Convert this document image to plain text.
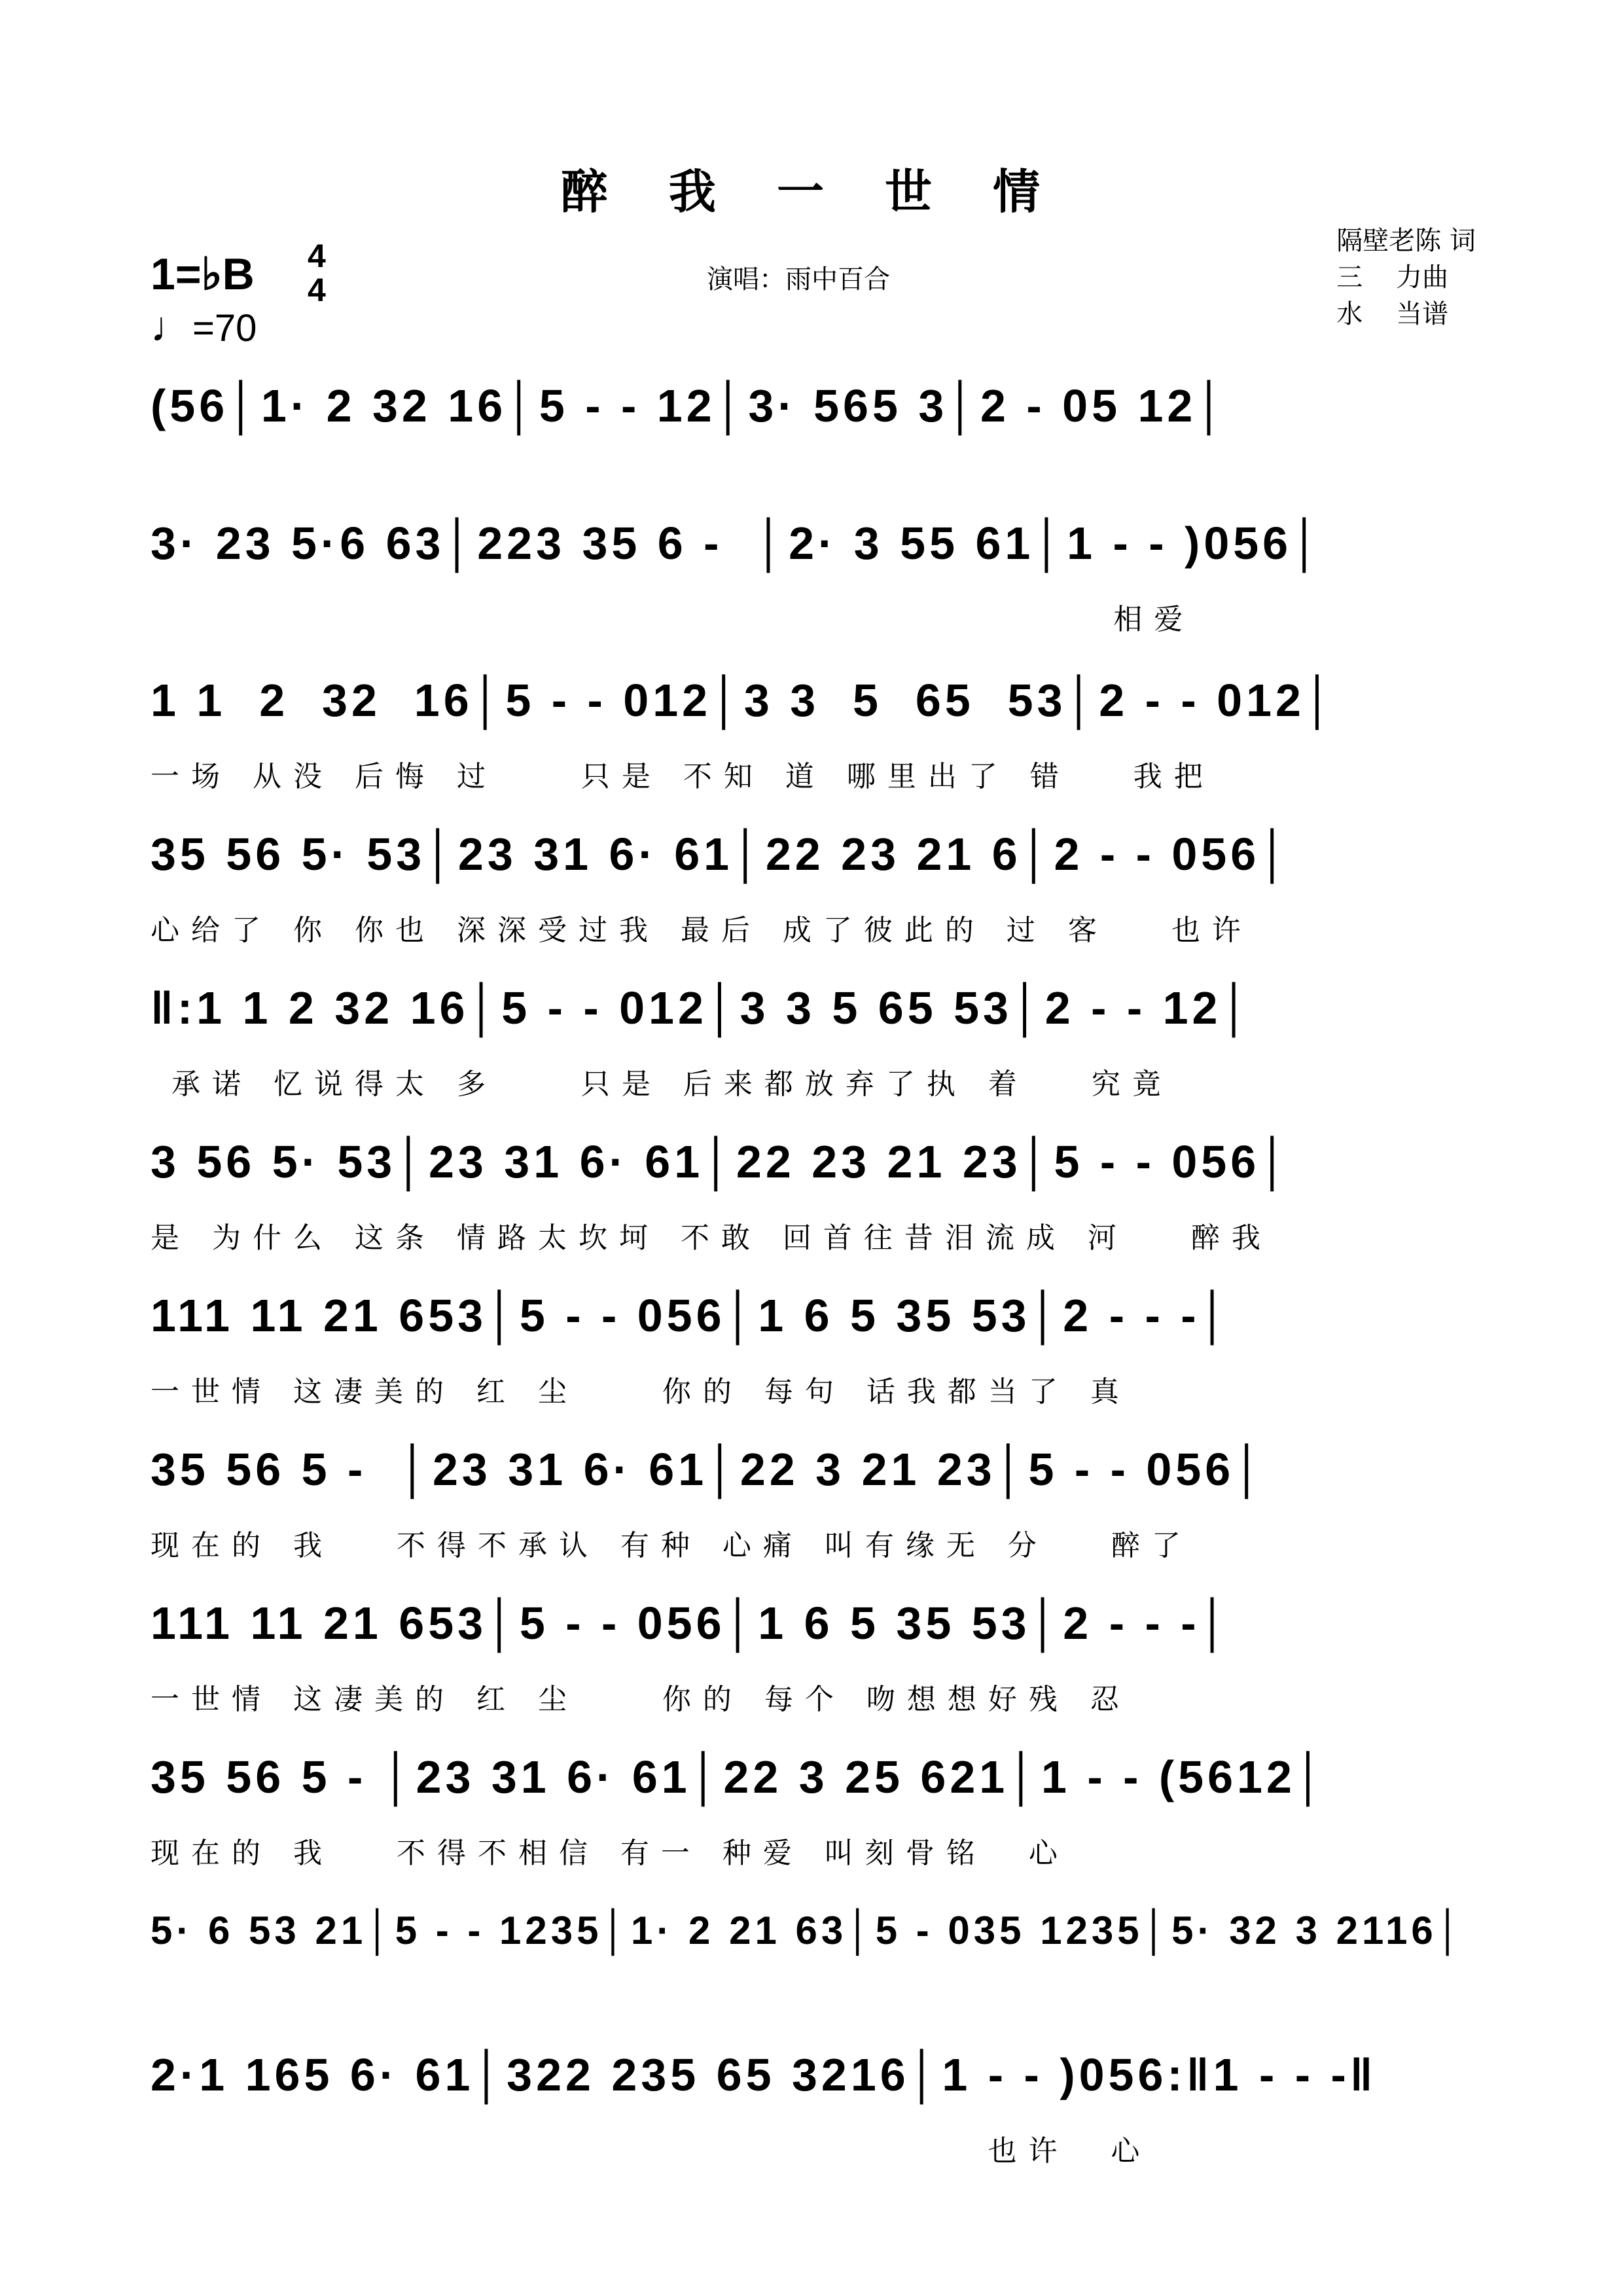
醉 我 一 世 情
1=♭B 4
4
♩=70
演唱：雨中百合
隔壁老陈 词
三    力曲
水    当谱
(56│1· 2 32 16│5 - - 12│3· 565 3│2 - 05 12│
3· 23 5·6 63│223 35 6 -  │2· 3 55 61│1 - - )056│
相爱
1 1  2  32  16│5 - - 012│3 3  5  65  53│2 - - 012│
一场 从没 后悔 过    只是 不知 道 哪里出了 错   我把
35 56 5· 53│23 31 6· 61│22 23 21 6│2 - - 056│
心给了 你 你也 深深受过我 最后 成了彼此的 过 客   也许
‖:1 1 2 32 16│5 - - 012│3 3 5 65 53│2 - - 12│
承诺 忆说得太 多    只是 后来都放弃了执 着   究竟
3 56 5· 53│23 31 6· 61│22 23 21 23│5 - - 056│
是 为什么 这条 情路太坎坷 不敢 回首往昔泪流成 河   醉我
111 11 21 653│5 - - 056│1 6 5 35 53│2 - - -│
一世情 这凄美的 红 尘    你的 每句 话我都当了 真
35 56 5 -  │23 31 6· 61│22 3 21 23│5 - - 056│
现在的 我   不得不承认 有种 心痛 叫有缘无 分   醉了
111 11 21 653│5 - - 056│1 6 5 35 53│2 - - -│
一世情 这凄美的 红 尘    你的 每个 吻想想好残 忍
35 56 5 - │23 31 6· 61│22 3 25 621│1 - - (5612│
现在的 我   不得不相信 有一 种爱 叫刻骨铭  心
5· 6 53 21│5 - - 1235│1· 2 21 63│5 - 035 1235│5· 32 3 2116│
2·1 165 6· 61│322 235 65 3216│1 - - )056:‖1 - - -‖
也许  心
